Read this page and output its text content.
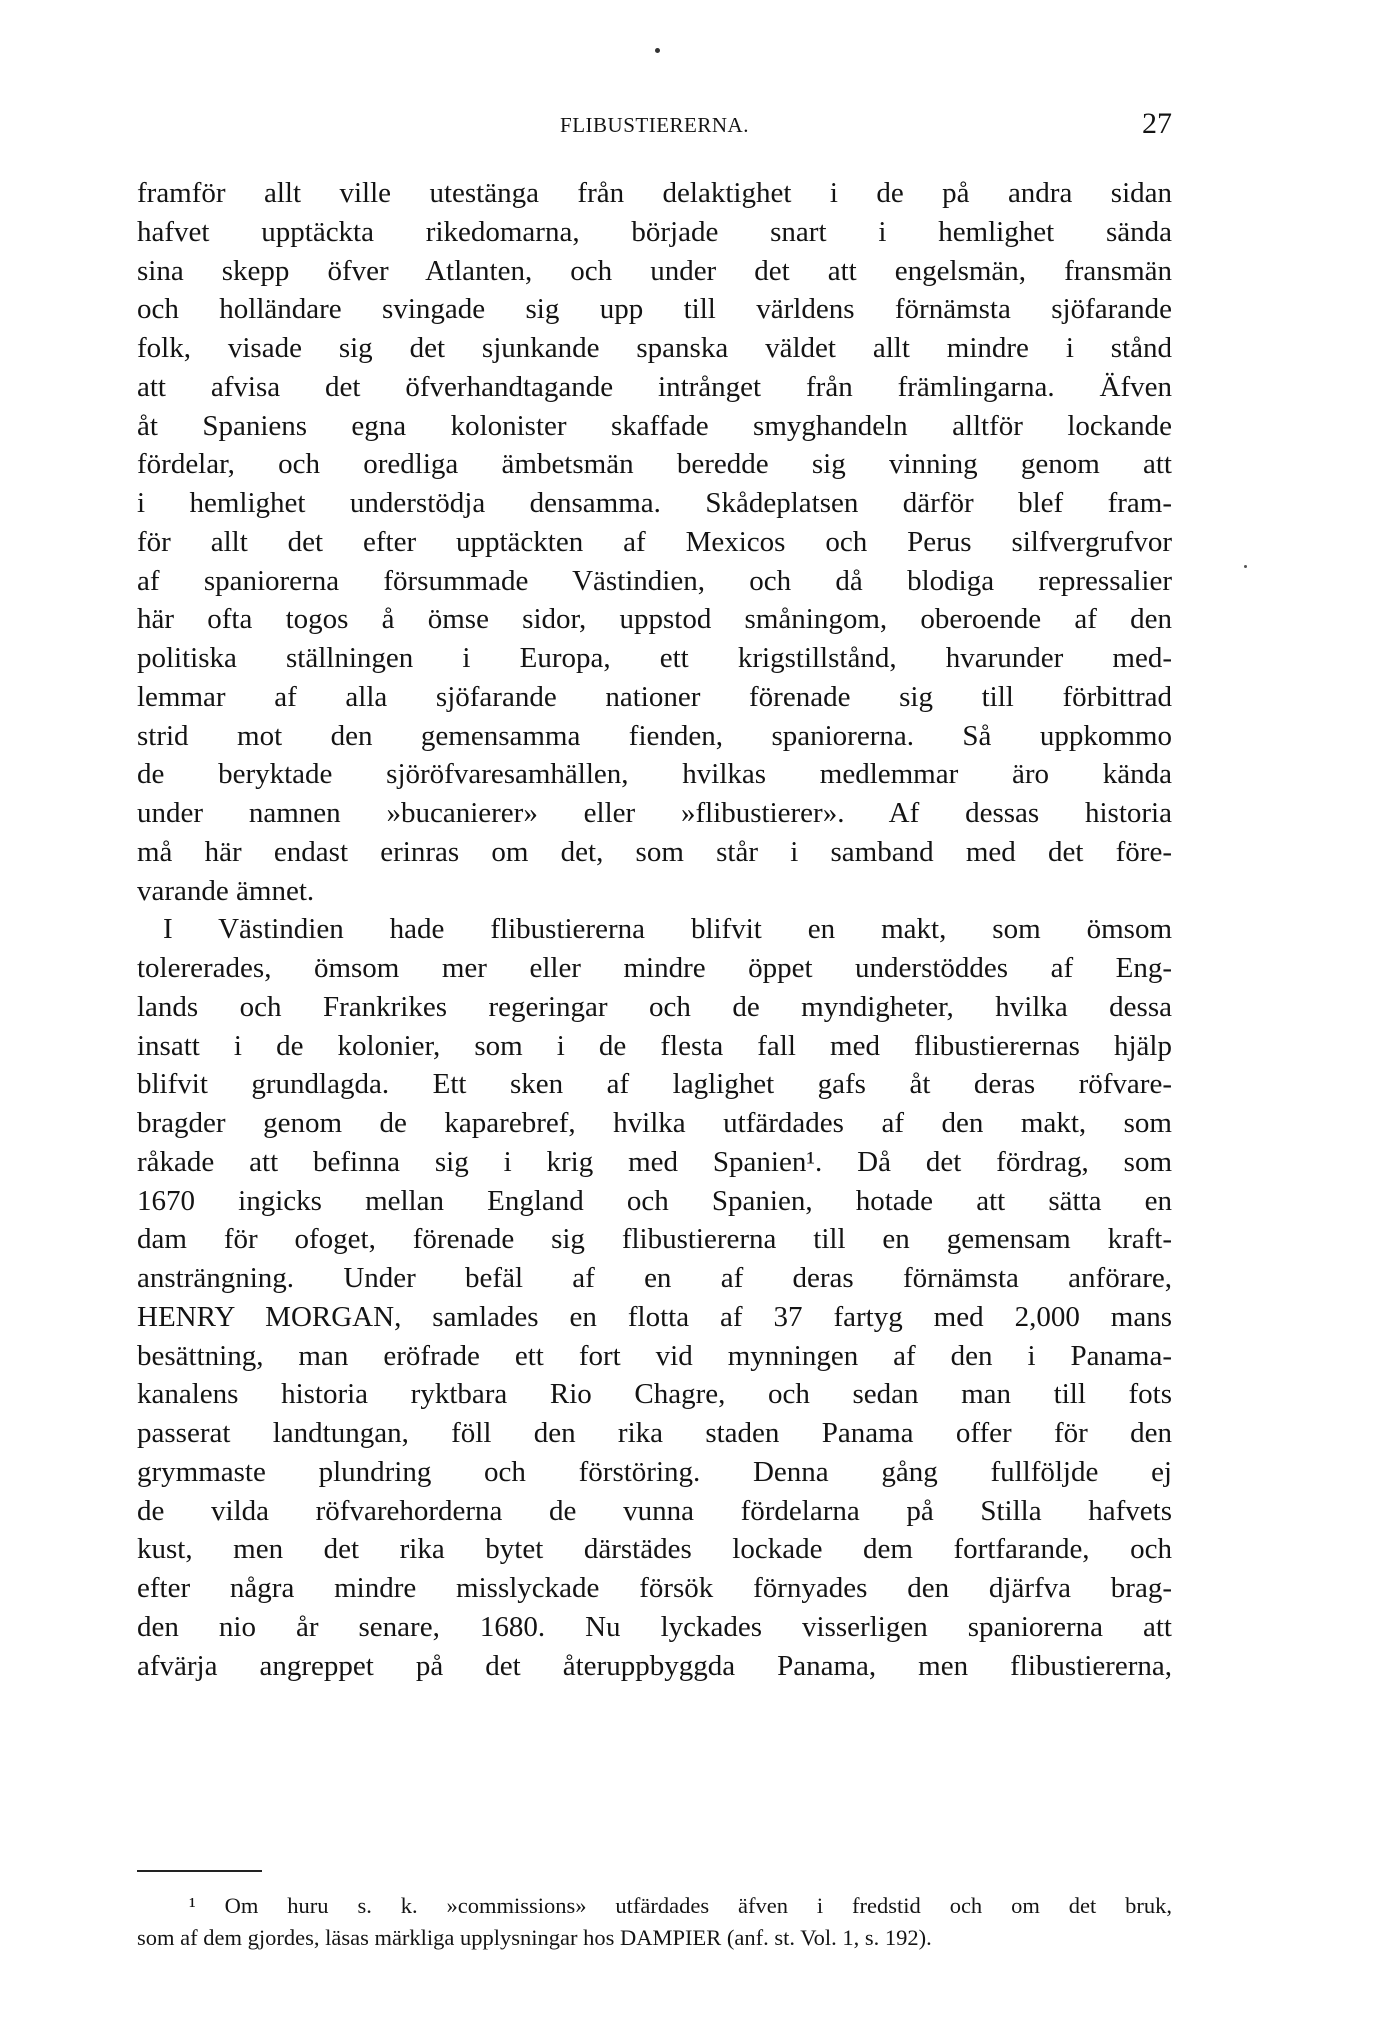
FLIBUSTIERERNA.	27
framför allt ville utestänga från delaktighet i de på andra sidan
hafvet upptäckta rikedomarna, började snart i hemlighet sända
sina skepp öfver Atlanten, och under det att engelsmän, fransmän
och holländare svingade sig upp till världens förnämsta sjöfarande
folk, visade sig det sjunkande spanska väldet allt mindre i stånd
att afvisa det öfverhandtagande intrånget från främlingarna. Äfven
åt Spaniens egna kolonister skaffade smyghandeln alltför lockande
fördelar, och oredliga ämbetsmän beredde sig vinning genom att
i hemlighet understödja densamma. Skådeplatsen därför blef fram-
för allt det efter upptäckten af Mexicos och Perus silfvergrufvor
af spaniorerna försummade Västindien, och då blodiga repressalier
här ofta togos å ömse sidor, uppstod småningom, oberoende af den
politiska ställningen i Europa, ett krigstillstånd, hvarunder med-
lemmar af alla sjöfarande nationer förenade sig till förbittrad
strid mot den gemensamma fienden, spaniorerna. Så uppkommo
de beryktade sjöröfvaresamhällen, hvilkas medlemmar äro kända
under namnen »bucanierer» eller »flibustierer». Af dessas historia
må här endast erinras om det, som står i samband med det före-
varande ämnet.
I Västindien hade flibustiererna blifvit en makt, som ömsom
tolererades, ömsom mer eller mindre öppet understöddes af Eng-
lands och Frankrikes regeringar och de myndigheter, hvilka dessa
insatt i de kolonier, som i de flesta fall med flibustierernas hjälp
blifvit grundlagda. Ett sken af laglighet gafs åt deras röfvare-
bragder genom de kaparebref, hvilka utfärdades af den makt, som
råkade att befinna sig i krig med Spanien¹. Då det fördrag, som
1670 ingicks mellan England och Spanien, hotade att sätta en
dam för ofoget, förenade sig flibustiererna till en gemensam kraft-
ansträngning. Under befäl af en af deras förnämsta anförare,
HENRY MORGAN, samlades en flotta af 37 fartyg med 2,000 mans
besättning, man eröfrade ett fort vid mynningen af den i Panama-
kanalens historia ryktbara Rio Chagre, och sedan man till fots
passerat landtungan, föll den rika staden Panama offer för den
grymmaste plundring och förstöring. Denna gång fullföljde ej
de vilda röfvarehorderna de vunna fördelarna på Stilla hafvets
kust, men det rika bytet därstädes lockade dem fortfarande, och
efter några mindre misslyckade försök förnyades den djärfva brag-
den nio år senare, 1680. Nu lyckades visserligen spaniorerna att
afvärja angreppet på det återuppbyggda Panama, men flibustiererna,
¹ Om huru s. k. »commissions» utfärdades äfven i fredstid och om det bruk,
som af dem gjordes, läsas märkliga upplysningar hos DAMPIER (anf. st. Vol. 1, s. 192).
